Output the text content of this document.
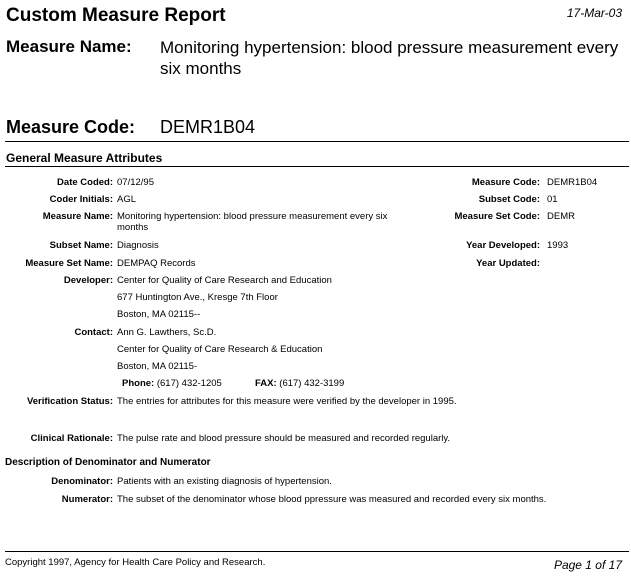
Custom Measure Report	17-Mar-03
Measure Name: Monitoring hypertension: blood pressure measurement every six months
Measure Code: DEMR1B04
General Measure Attributes
Date Coded: 07/12/95
Coder Initials: AGL
Measure Name: Monitoring hypertension: blood pressure measurement every six months
Subset Name: Diagnosis
Measure Set Name: DEMPAQ Records
Developer: Center for Quality of Care Research and Education
677 Huntington Ave., Kresge 7th Floor
Boston, MA 02115--
Contact: Ann G. Lawthers, Sc.D.
Center for Quality of Care Research & Education
Boston, MA 02115-
Phone: (617) 432-1205	FAX: (617) 432-3199
Verification Status: The entries for attributes for this measure were verified by the developer in 1995.
Clinical Rationale: The pulse rate and blood pressure should be measured and recorded regularly.
Measure Code: DEMR1B04
Subset Code: 01
Measure Set Code: DEMR
Year Developed: 1993
Year Updated:
Description of Denominator and Numerator
Denominator: Patients with an existing diagnosis of hypertension.
Numerator: The subset of the denominator whose blood ppressure was measured and recorded every six months.
Copyright 1997, Agency for Health Care Policy and Research.	Page 1 of 17
